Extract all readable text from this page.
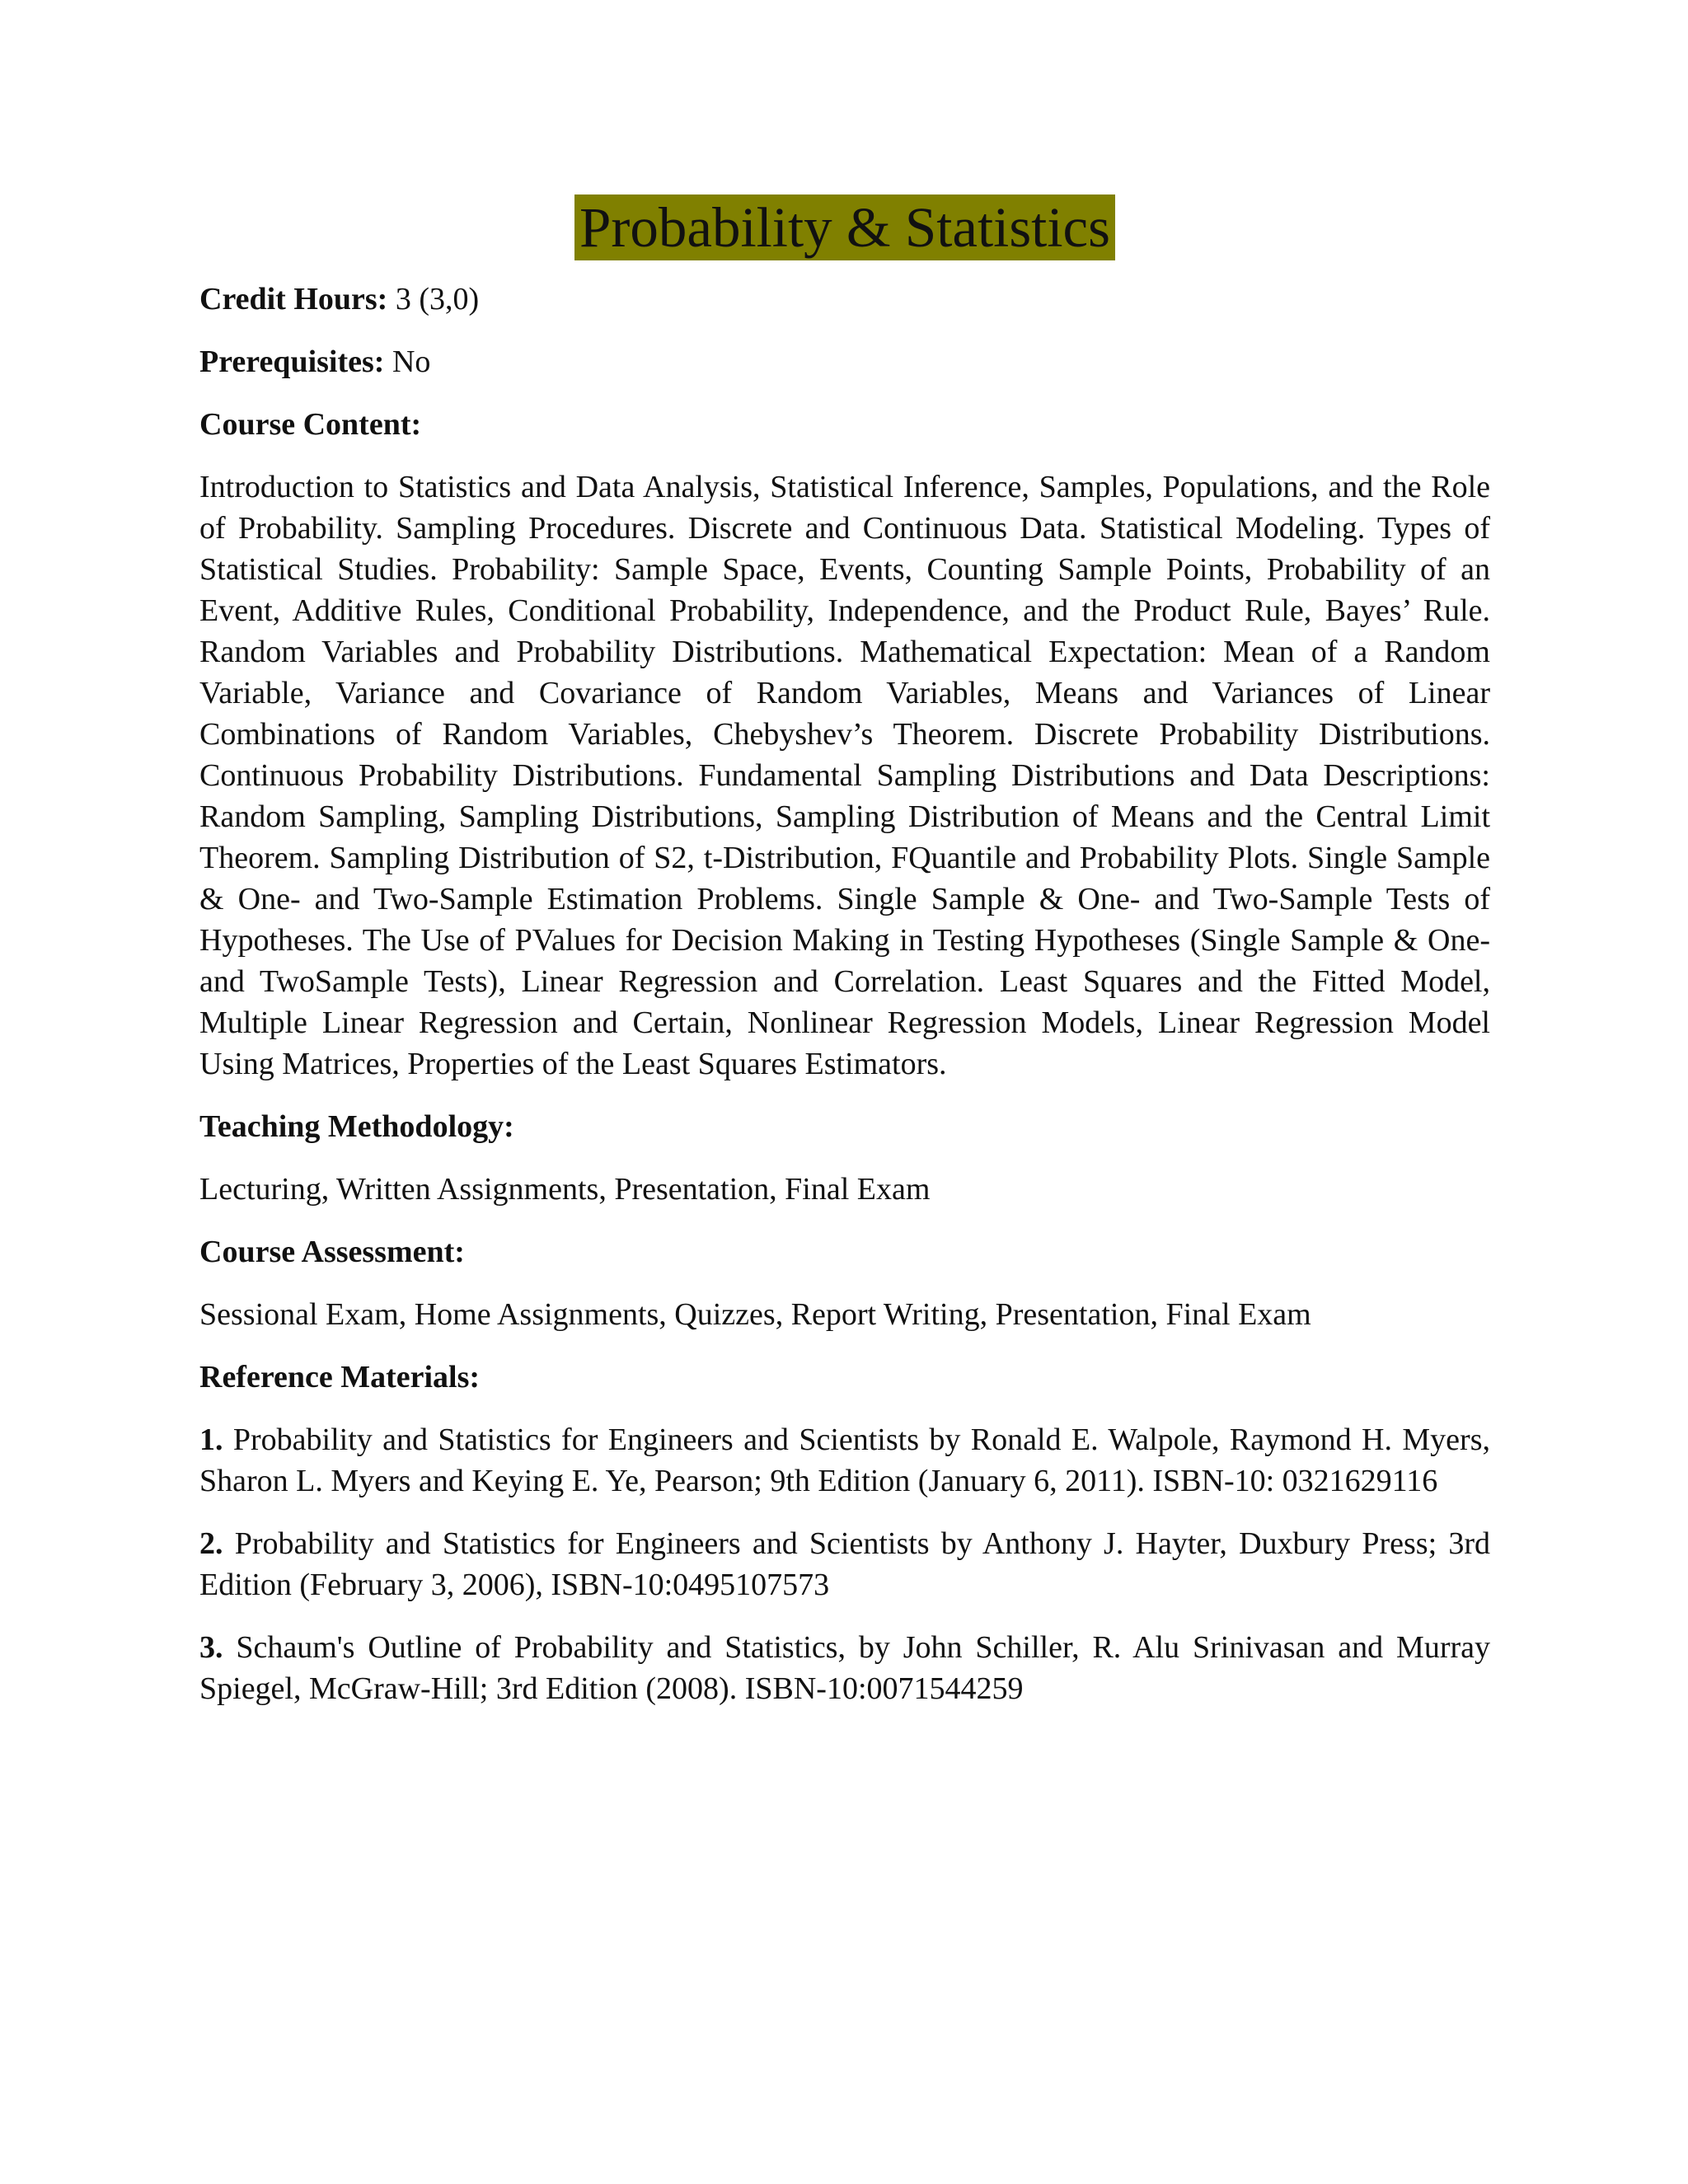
Probability & Statistics
Credit Hours: 3 (3,0)
Prerequisites: No
Course Content:
Introduction to Statistics and Data Analysis, Statistical Inference, Samples, Populations, and the Role of Probability. Sampling Procedures. Discrete and Continuous Data. Statistical Modeling. Types of Statistical Studies. Probability: Sample Space, Events, Counting Sample Points, Probability of an Event, Additive Rules, Conditional Probability, Independence, and the Product Rule, Bayes’ Rule. Random Variables and Probability Distributions. Mathematical Expectation: Mean of a Random Variable, Variance and Covariance of Random Variables, Means and Variances of Linear Combinations of Random Variables, Chebyshev’s Theorem. Discrete Probability Distributions. Continuous Probability Distributions. Fundamental Sampling Distributions and Data Descriptions: Random Sampling, Sampling Distributions, Sampling Distribution of Means and the Central Limit Theorem. Sampling Distribution of S2, t-Distribution, FQuantile and Probability Plots. Single Sample & One- and Two-Sample Estimation Problems. Single Sample & One- and Two-Sample Tests of Hypotheses. The Use of PValues for Decision Making in Testing Hypotheses (Single Sample & One- and TwoSample Tests), Linear Regression and Correlation. Least Squares and the Fitted Model, Multiple Linear Regression and Certain, Nonlinear Regression Models, Linear Regression Model Using Matrices, Properties of the Least Squares Estimators.
Teaching Methodology:
Lecturing, Written Assignments, Presentation, Final Exam
Course Assessment:
Sessional Exam, Home Assignments, Quizzes, Report Writing, Presentation, Final Exam
Reference Materials:
1. Probability and Statistics for Engineers and Scientists by Ronald E. Walpole, Raymond H. Myers, Sharon L. Myers and Keying E. Ye, Pearson; 9th Edition (January 6, 2011). ISBN-10: 0321629116
2. Probability and Statistics for Engineers and Scientists by Anthony J. Hayter, Duxbury Press; 3rd Edition (February 3, 2006), ISBN-10:0495107573
3. Schaum's Outline of Probability and Statistics, by John Schiller, R. Alu Srinivasan and Murray Spiegel, McGraw-Hill; 3rd Edition (2008). ISBN-10:0071544259
